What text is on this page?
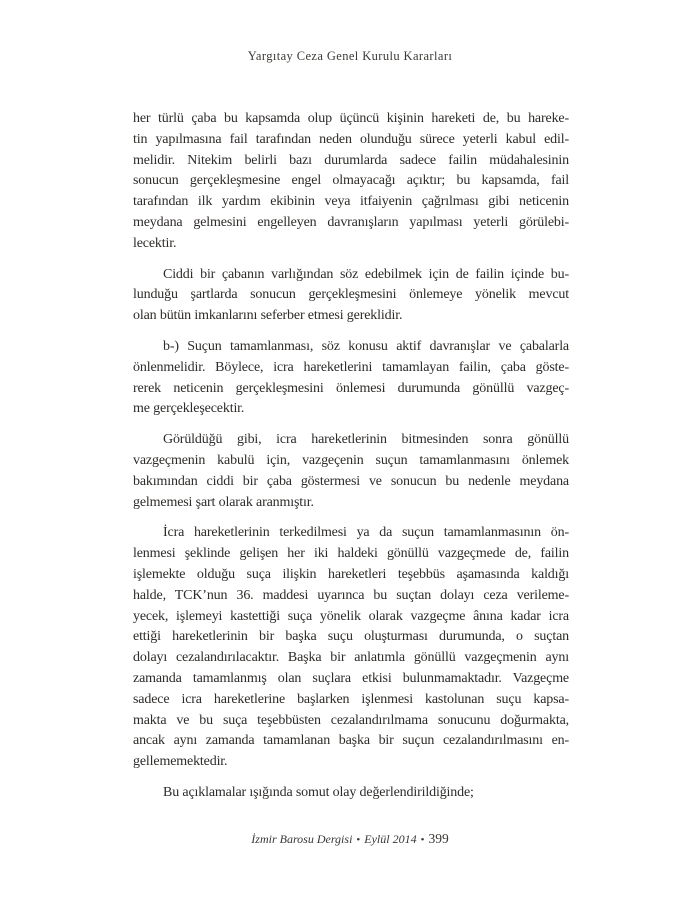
Yargıtay Ceza Genel Kurulu Kararları

her türlü çaba bu kapsamda olup üçüncü kişinin hareketi de, bu hareke-
tin yapılmasına fail tarafından neden olunduğu sürece yeterli kabul edil-
melidir. Nitekim belirli bazı durumlarda sadece failin müdahalesinin
sonucun gerçekleşmesine engel olmayacağı açıktır; bu kapsamda, fail
tarafından ilk yardım ekibinin veya itfaiyenin çağrılması gibi neticenin
meydana gelmesini engelleyen davranışların yapılması yeterli görülebi-
lecektir.

Ciddi bir çabanın varlığından söz edebilmek için de failin içinde bu-
lunduğu şartlarda sonucun gerçekleşmesini önlemeye yönelik mevcut
olan bütün imkanlarını seferber etmesi gereklidir.

b-) Suçun tamamlanması, söz konusu aktif davranışlar ve çabalarla
önlenmelidir. Böylece, icra hareketlerini tamamlayan failin, çaba göste-
rerek neticenin gerçekleşmesini önlemesi durumunda gönüllü vazgeç-
me gerçekleşecektir.

Görüldüğü gibi, icra hareketlerinin bitmesinden sonra gönüllü
vazgeçmenin kabulü için, vazgeçenin suçun tamamlanmasını önlemek
bakımından ciddi bir çaba göstermesi ve sonucun bu nedenle meydana
gelmemesi şart olarak aranmıştır.

İcra hareketlerinin terkedilmesi ya da suçun tamamlanmasının ön-
lenmesi şeklinde gelişen her iki haldeki gönüllü vazgeçmede de, failin
işlemekte olduğu suça ilişkin hareketleri teşebbüs aşamasında kaldığı
halde, TCK’nun 36. maddesi uyarınca bu suçtan dolayı ceza verileme-
yecek, işlemeyi kastettiği suça yönelik olarak vazgeçme ânına kadar icra
ettiği hareketlerinin bir başka suçu oluşturması durumunda, o suçtan
dolayı cezalandırılacaktır. Başka bir anlatımla gönüllü vazgeçmenin aynı
zamanda tamamlanmış olan suçlara etkisi bulunmamaktadır. Vazgeçme
sadece icra hareketlerine başlarken işlenmesi kastolunan suçu kapsa-
makta ve bu suça teşebbüsten cezalandırılmama sonucunu doğurmakta,
ancak aynı zamanda tamamlanan başka bir suçun cezalandırılmasını en-
gellememektedir.

Bu açıklamalar ışığında somut olay değerlendirildiğinde;

İzmir Barosu Dergisi • Eylül 2014 • 399
